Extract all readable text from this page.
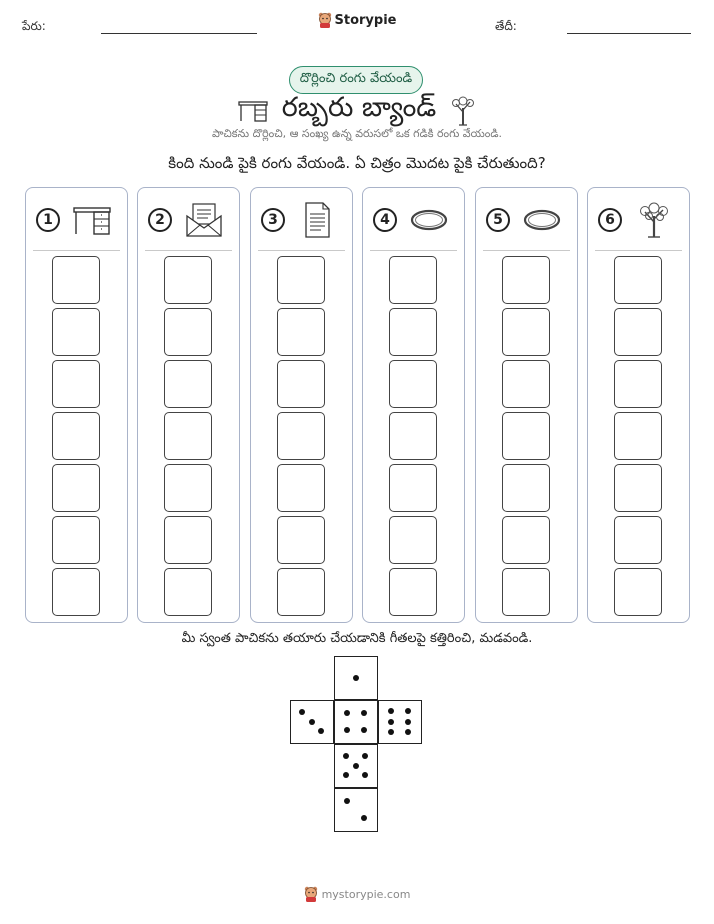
పేరు:	Storypie	తేదీ:
దొర్లించి రంగు వేయండి
రబ్బరు బ్యాండ్
పాచికను దొర్లించి, ఆ సంఖ్య ఉన్న వరుసలో ఒక గడికి రంగు వేయండి.
కింది నుండి పైకి రంగు వేయండి. ఏ చిత్రం మొదట పైకి చేరుతుంది?
1	2	3	4	5	6
మీ స్వంత పాచికను తయారు చేయడానికి గీతలపై కత్తిరించి, మడవండి.
mystorypie.com
